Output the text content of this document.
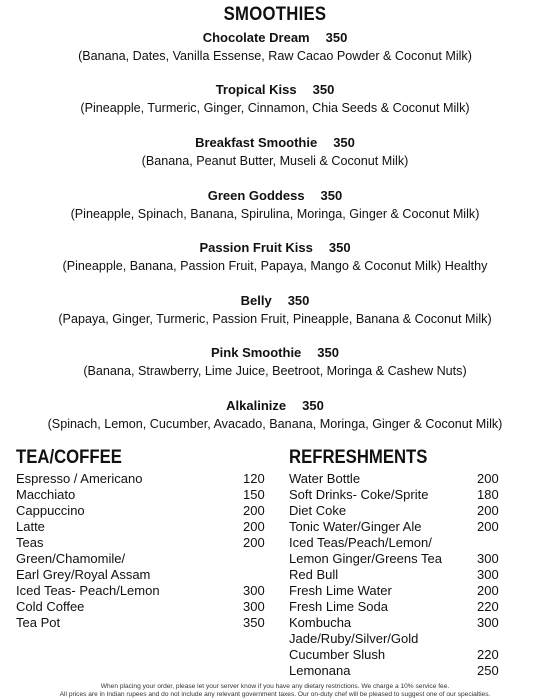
SMOOTHIES
Chocolate Dream 350
(Banana, Dates, Vanilla Essense, Raw Cacao Powder & Coconut Milk)
Tropical Kiss 350
(Pineapple, Turmeric, Ginger, Cinnamon, Chia Seeds & Coconut Milk)
Breakfast Smoothie 350
(Banana, Peanut Butter, Museli & Coconut Milk)
Green Goddess 350
(Pineapple, Spinach, Banana, Spirulina, Moringa, Ginger & Coconut Milk)
Passion Fruit Kiss 350
(Pineapple, Banana, Passion Fruit, Papaya, Mango & Coconut Milk) Healthy
Belly 350
(Papaya, Ginger, Turmeric, Passion Fruit, Pineapple, Banana & Coconut Milk)
Pink Smoothie 350
(Banana, Strawberry, Lime Juice, Beetroot, Moringa & Cashew Nuts)
Alkalinize 350
(Spinach, Lemon, Cucumber, Avacado, Banana, Moringa, Ginger & Coconut Milk)
TEA/COFFEE	REFRESHMENTS
Espresso / Americano	120
Macchiato	150
Cappuccino	200
Latte	200
Teas	200
Green/Chamomile/
Earl Grey/Royal Assam
Iced Teas- Peach/Lemon	300
Cold Coffee	300
Tea Pot	350
Water Bottle	200
Soft Drinks- Coke/Sprite	180
Diet Coke	200
Tonic Water/Ginger Ale	200
Iced Teas/Peach/Lemon/
Lemon Ginger/Greens Tea	300
Red Bull	300
Fresh Lime Water	200
Fresh Lime Soda	220
Kombucha	300
Jade/Ruby/Silver/Gold
Cucumber Slush	220
Lemonana	250
When placing your order, please let your server know if you have any dietary restrictions. We charge a 10% service fee.
All prices are in Indian rupees and do not include any relevant government taxes. Our on-duty chef will be pleased to suggest one of our specialties.
